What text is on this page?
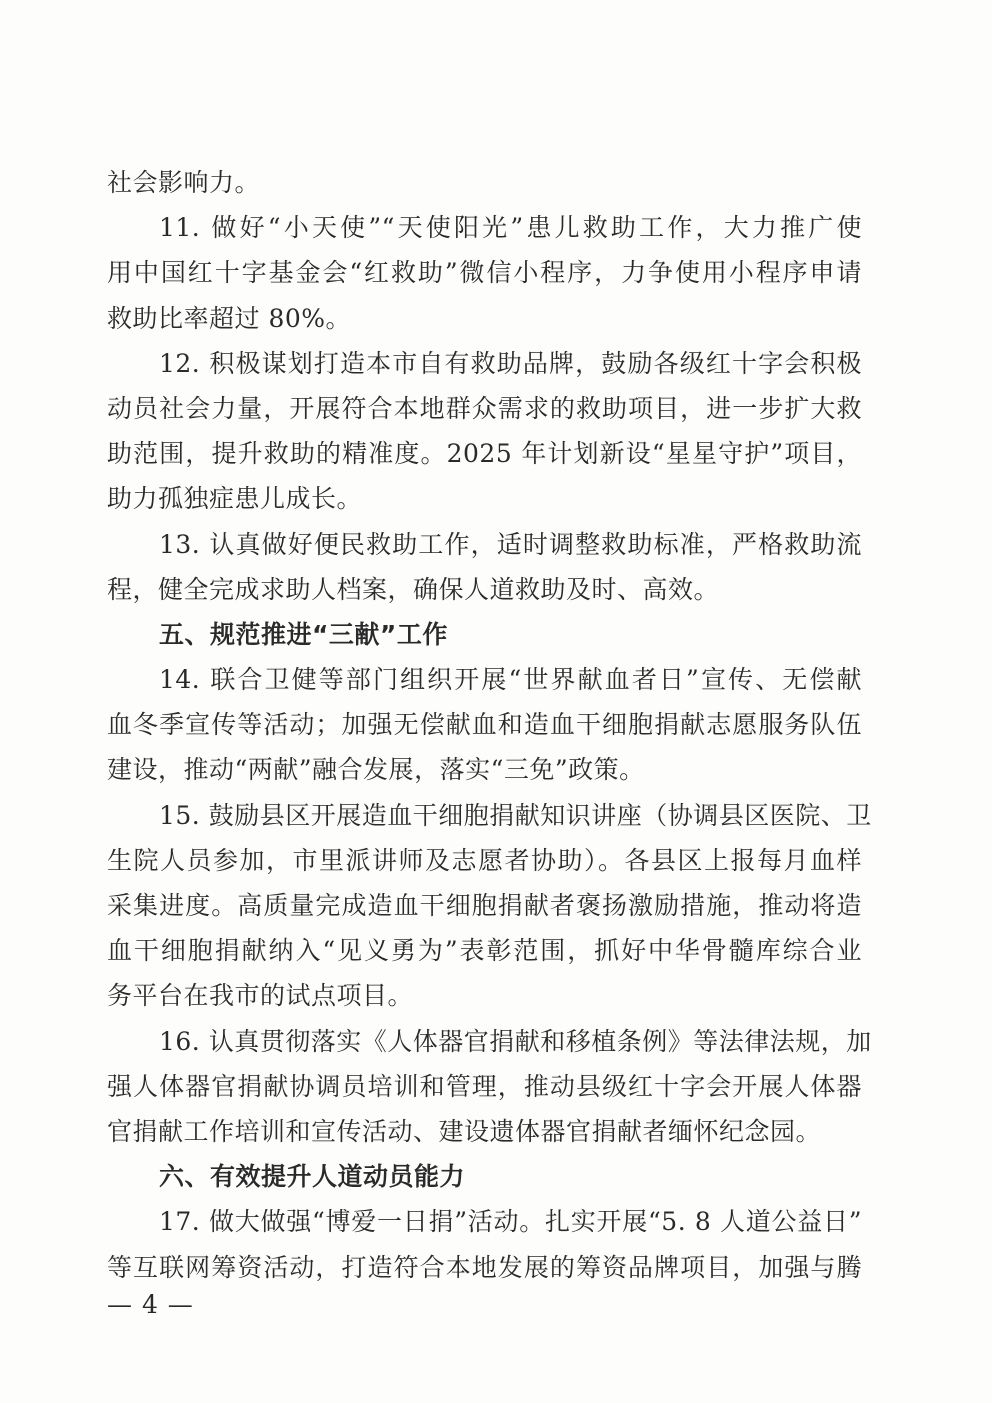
社会影响力。
11. 做好“小天使”“天使阳光”患儿救助工作，大力推广使
用中国红十字基金会“红救助”微信小程序，力争使用小程序申请
救助比率超过 80%。
12. 积极谋划打造本市自有救助品牌，鼓励各级红十字会积极
动员社会力量，开展符合本地群众需求的救助项目，进一步扩大救
助范围，提升救助的精准度。2025 年计划新设“星星守护”项目，
助力孤独症患儿成长。
13. 认真做好便民救助工作，适时调整救助标准，严格救助流
程，健全完成求助人档案，确保人道救助及时、高效。
五、规范推进“三献”工作
14. 联合卫健等部门组织开展“世界献血者日”宣传、无偿献
血冬季宣传等活动；加强无偿献血和造血干细胞捐献志愿服务队伍
建设，推动“两献”融合发展，落实“三免”政策。
15. 鼓励县区开展造血干细胞捐献知识讲座（协调县区医院、卫
生院人员参加，市里派讲师及志愿者协助）。各县区上报每月血样
采集进度。高质量完成造血干细胞捐献者褒扬激励措施，推动将造
血干细胞捐献纳入“见义勇为”表彰范围，抓好中华骨髓库综合业
务平台在我市的试点项目。
16. 认真贯彻落实《人体器官捐献和移植条例》等法律法规，加
强人体器官捐献协调员培训和管理，推动县级红十字会开展人体器
官捐献工作培训和宣传活动、建设遗体器官捐献者缅怀纪念园。
六、有效提升人道动员能力
17. 做大做强“博爱一日捐”活动。扎实开展“5. 8 人道公益日”
等互联网筹资活动，打造符合本地发展的筹资品牌项目，加强与腾
— 4 —
